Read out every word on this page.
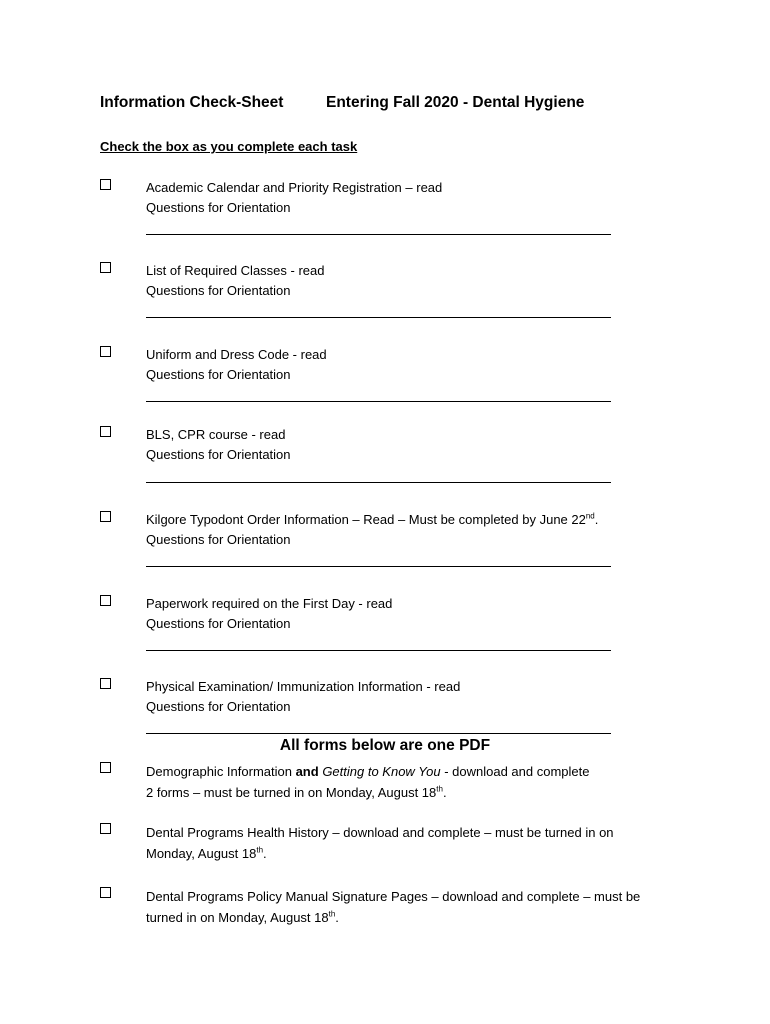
Information Check-Sheet	Entering Fall 2020 - Dental Hygiene
Check the box as you complete each task
Academic Calendar and Priority Registration – read
Questions for Orientation
List of Required Classes - read
Questions for Orientation
Uniform and Dress Code - read
Questions for Orientation
BLS, CPR course - read
Questions for Orientation
Kilgore Typodont Order Information – Read – Must be completed by June 22nd.
Questions for Orientation
Paperwork required on the First Day - read
Questions for Orientation
Physical Examination/ Immunization Information - read
Questions for Orientation
All forms below are one PDF
Demographic Information and Getting to Know You - download and complete
2 forms – must be turned in on Monday, August 18th.
Dental Programs Health History – download and complete – must be turned in on
Monday, August 18th.
Dental Programs Policy Manual Signature Pages – download and complete – must be
turned in on Monday, August 18th.
